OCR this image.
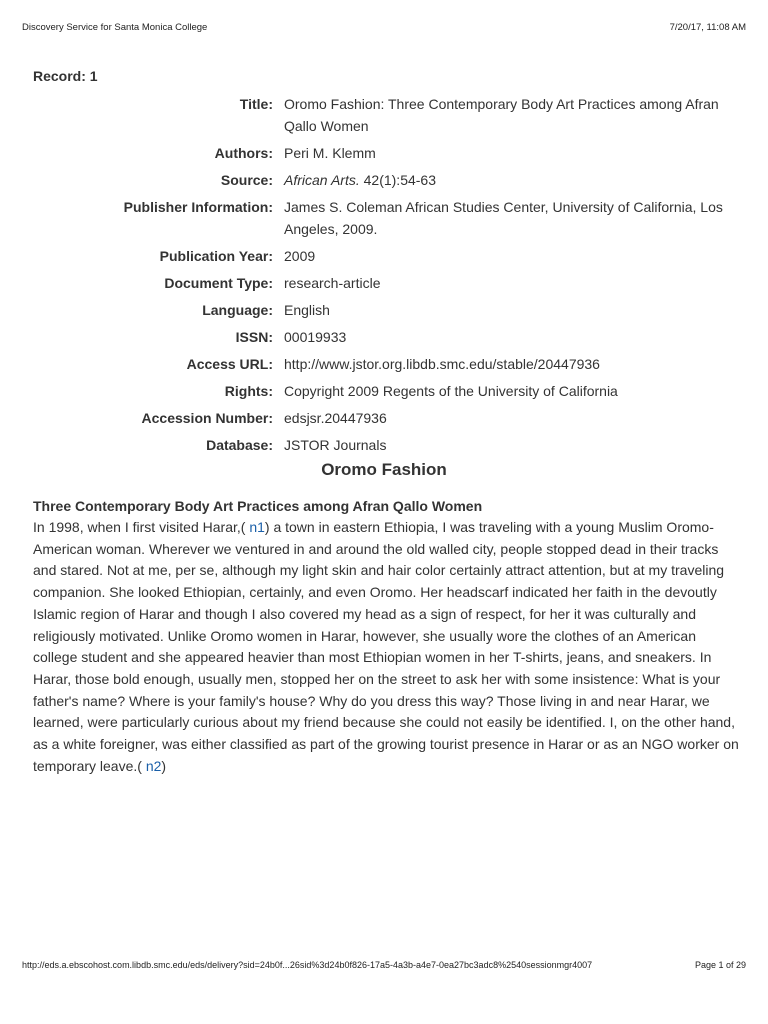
Discovery Service for Santa Monica College	7/20/17, 11:08 AM
Record: 1
Title: Oromo Fashion: Three Contemporary Body Art Practices among Afran Qallo Women
Authors: Peri M. Klemm
Source: African Arts. 42(1):54-63
Publisher Information: James S. Coleman African Studies Center, University of California, Los Angeles, 2009.
Publication Year: 2009
Document Type: research-article
Language: English
ISSN: 00019933
Access URL: http://www.jstor.org.libdb.smc.edu/stable/20447936
Rights: Copyright 2009 Regents of the University of California
Accession Number: edsjsr.20447936
Database: JSTOR Journals
Oromo Fashion
Three Contemporary Body Art Practices among Afran Qallo Women

In 1998, when I first visited Harar,( n1) a town in eastern Ethiopia, I was traveling with a young Muslim Oromo-American woman. Wherever we ventured in and around the old walled city, people stopped dead in their tracks and stared. Not at me, per se, although my light skin and hair color certainly attract attention, but at my traveling companion. She looked Ethiopian, certainly, and even Oromo. Her headscarf indicated her faith in the devoutly Islamic region of Harar and though I also covered my head as a sign of respect, for her it was culturally and religiously motivated. Unlike Oromo women in Harar, however, she usually wore the clothes of an American college student and she appeared heavier than most Ethiopian women in her T-shirts, jeans, and sneakers. In Harar, those bold enough, usually men, stopped her on the street to ask her with some insistence: What is your father's name? Where is your family's house? Why do you dress this way? Those living in and near Harar, we learned, were particularly curious about my friend because she could not easily be identified. I, on the other hand, as a white foreigner, was either classified as part of the growing tourist presence in Harar or as an NGO worker on temporary leave.( n2)

http://eds.a.ebscohost.com.libdb.smc.edu/eds/delivery?sid=24b0f...26sid%3d24b0f826-17a5-4a3b-a4e7-0ea27bc3adc8%2540sessionmgr4007	Page 1 of 29
